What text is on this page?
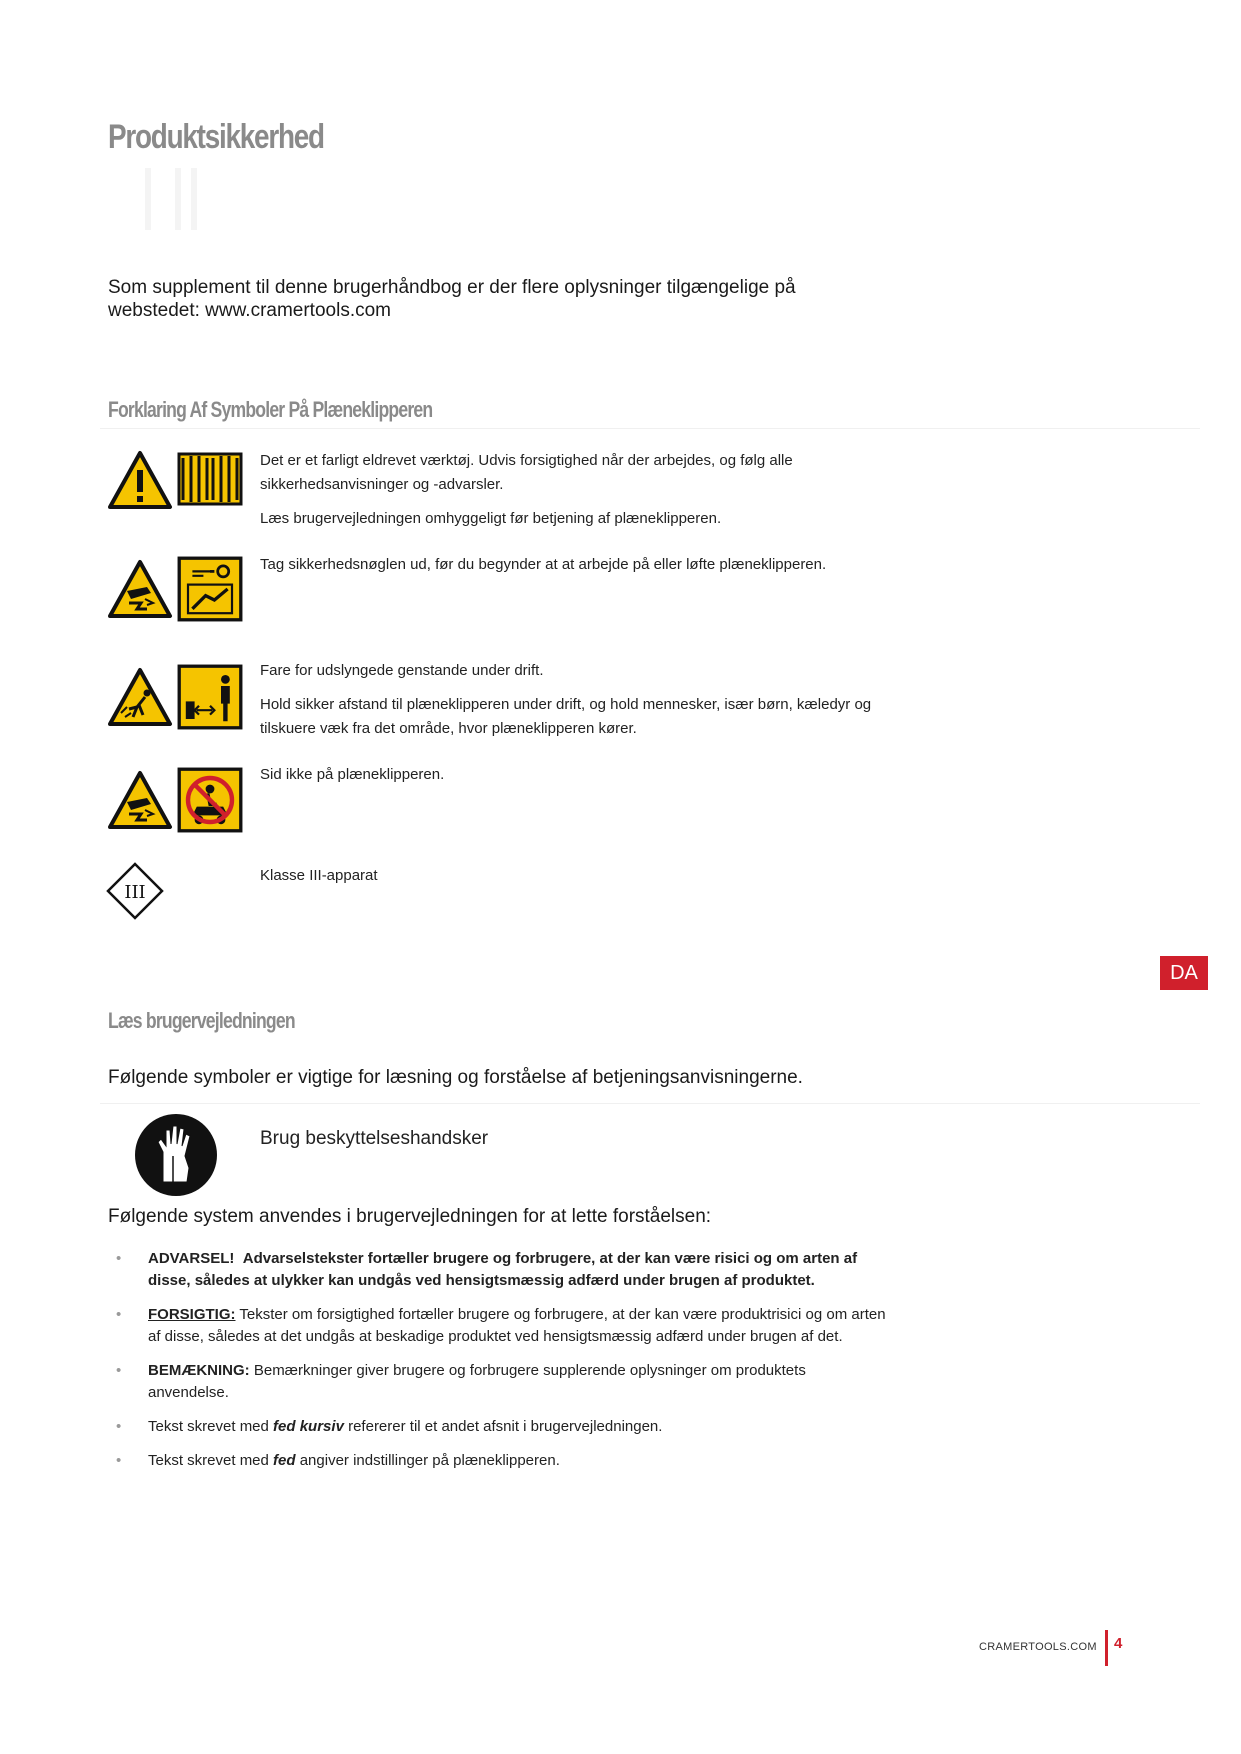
Produktsikkerhed
Som supplement til denne brugerhåndbog er der flere oplysninger tilgængelige på webstedet: www.cramertools.com
Forklaring Af Symboler På Plæneklipperen

Det er et farligt eldrevet værktøj. Udvis forsigtighed når der arbejdes, og følg alle sikkerhedsanvisninger og -advarsler.

Læs brugervejledningen omhyggeligt før betjening af plæneklipperen.

Tag sikkerhedsnøglen ud, før du begynder at at arbejde på eller løfte plæneklipperen.

Fare for udslyngede genstande under drift.

Hold sikker afstand til plæneklipperen under drift, og hold mennesker, især børn, kæledyr og tilskuere væk fra det område, hvor plæneklipperen kører.

Sid ikke på plæneklipperen.

III

Klasse III-apparat

DA
Læs brugervejledningen
Følgende symboler er vigtige for læsning og forståelse af betjeningsanvisningerne.
Brug beskyttelseshandsker
Følgende system anvendes i brugervejledningen for at lette forståelsen:
• ADVARSEL! Advarselstekster fortæller brugere og forbrugere, at der kan være risici og om arten af disse, således at ulykker kan undgås ved hensigtsmæssig adfærd under brugen af produktet.
• FORSIGTIG: Tekster om forsigtighed fortæller brugere og forbrugere, at der kan være produktrisici og om arten af disse, således at det undgås at beskadige produktet ved hensigtsmæssig adfærd under brugen af det.
• BEMÆKNING: Bemærkninger giver brugere og forbrugere supplerende oplysninger om produktets anvendelse.
• Tekst skrevet med fed kursiv refererer til et andet afsnit i brugervejledningen.
• Tekst skrevet med fed angiver indstillinger på plæneklipperen.
CRAMERTOOLS.COM 4
